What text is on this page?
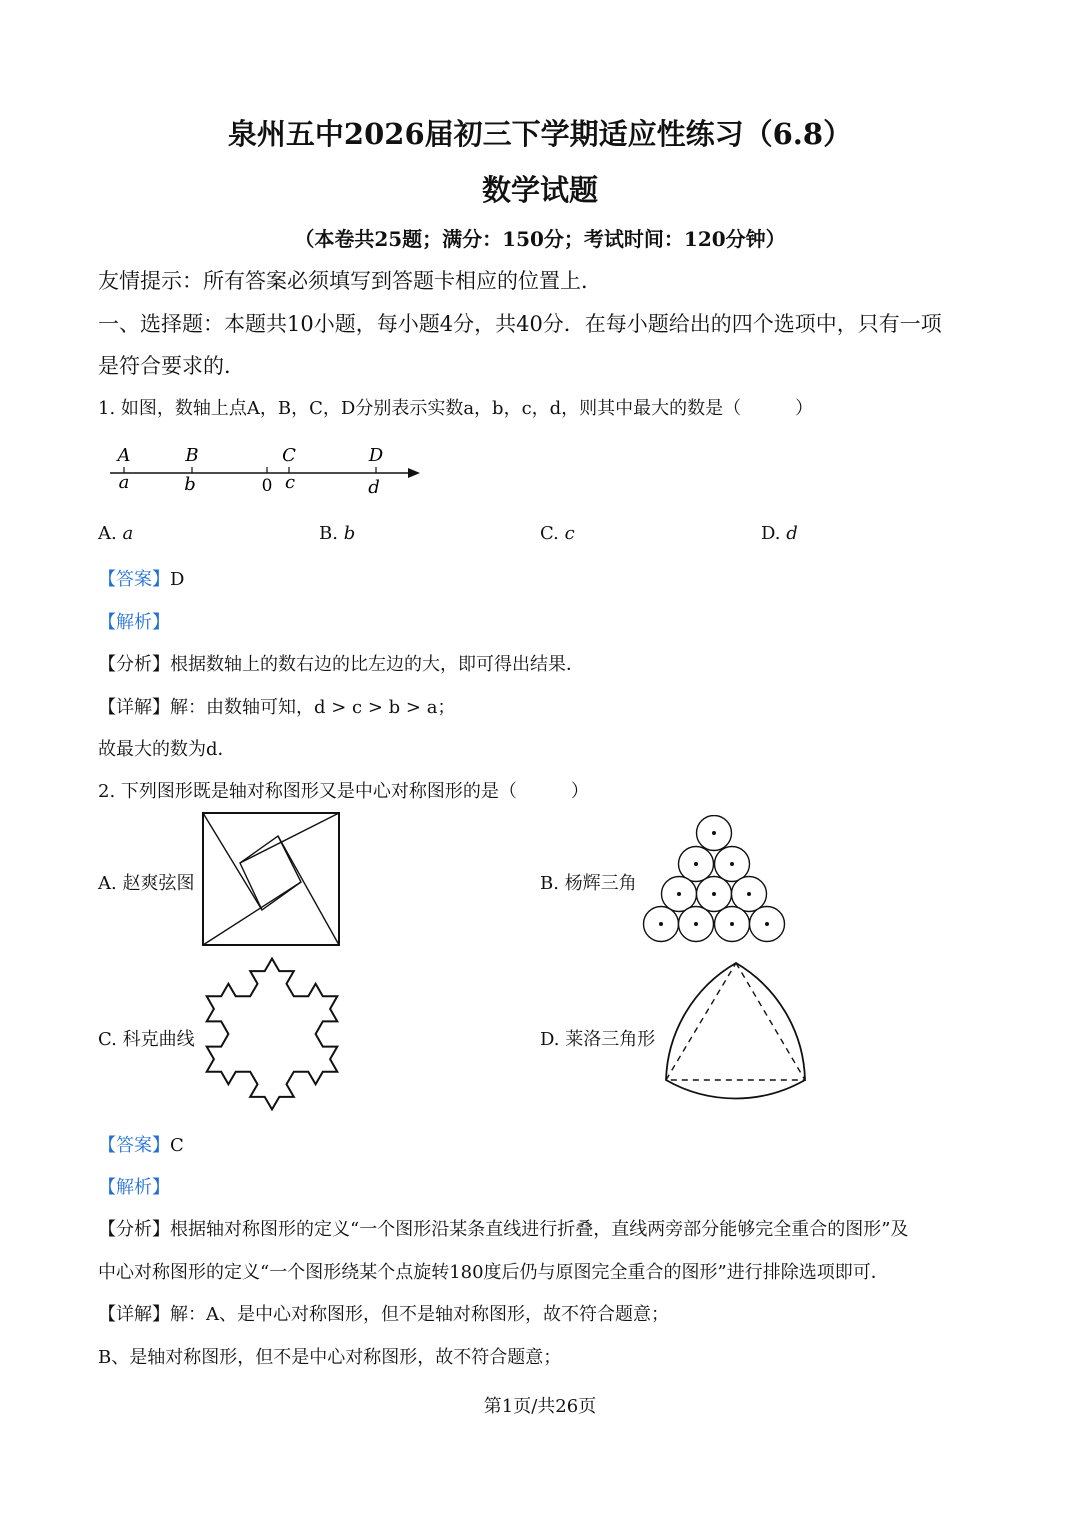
泉州五中2026届初三下学期适应性练习（6.8）
数学试题
（本卷共25题；满分：150分；考试时间：120分钟）
友情提示：所有答案必须填写到答题卡相应的位置上．
一、选择题：本题共10小题，每小题4分，共40分．在每小题给出的四个选项中，只有一项
是符合要求的．
1. 如图，数轴上点A，B，C，D分别表示实数a，b，c，d，则其中最大的数是（　　　）
A	B	C	D
a	b	0 c	d
A. a	B. b	C. c	D. d
【答案】D
【解析】
【分析】根据数轴上的数右边的比左边的大，即可得出结果．
【详解】解：由数轴可知，d > c > b > a；
故最大的数为d．
2. 下列图形既是轴对称图形又是中心对称图形的是（　　　）
A. 赵爽弦图	B. 杨辉三角
C. 科克曲线	D. 莱洛三角形
【答案】C
【解析】
【分析】根据轴对称图形的定义“一个图形沿某条直线进行折叠，直线两旁部分能够完全重合的图形”及
中心对称图形的定义“一个图形绕某个点旋转180度后仍与原图完全重合的图形”进行排除选项即可．
【详解】解：A、是中心对称图形，但不是轴对称图形，故不符合题意；
B、是轴对称图形，但不是中心对称图形，故不符合题意；
第1页/共26页
